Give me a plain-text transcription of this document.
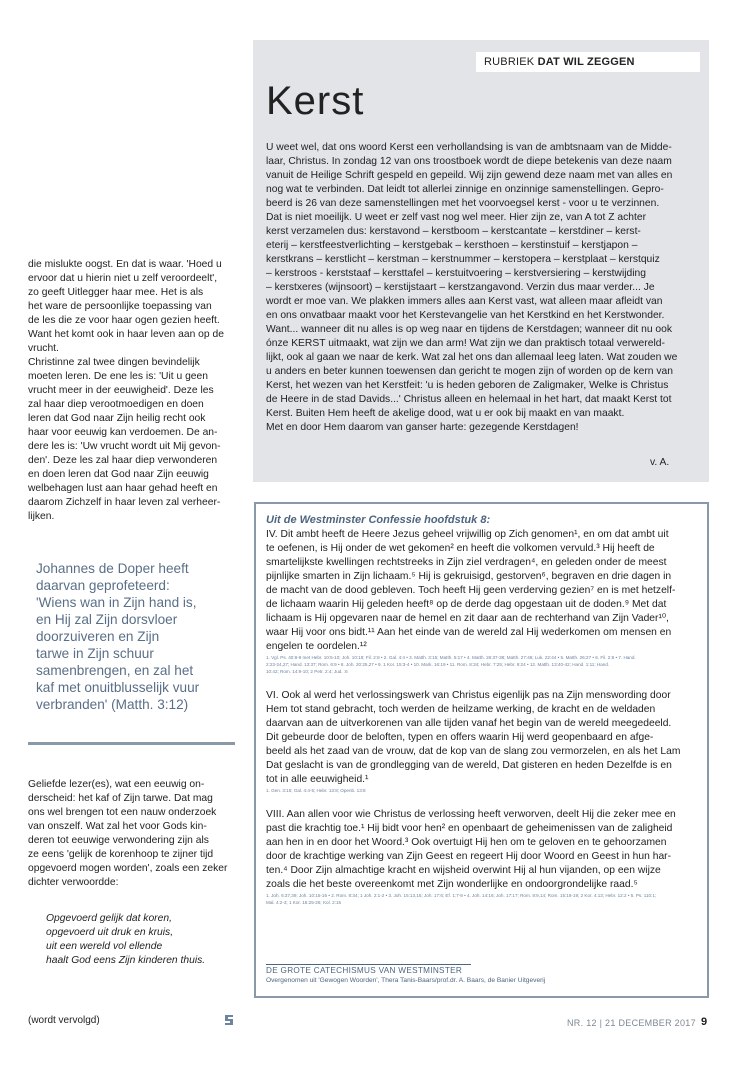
RUBRIEK DAT WIL ZEGGEN
Kerst

U weet wel, dat ons woord Kerst een verhollandsing is van de ambtsnaam van de Midde-

laar, Christus. In zondag 12 van ons troostboek wordt de diepe betekenis van deze naam

vanuit de Heilige Schrift gespeld en gepeild. Wij zijn gewend deze naam met van alles en

nog wat te verbinden. Dat leidt tot allerlei zinnige en onzinnige samenstellingen. Gepro-

beerd is 26 van deze samenstellingen met het voorvoegsel kerst - voor u te verzinnen.

Dat is niet moeilijk. U weet er zelf vast nog wel meer. Hier zijn ze, van A tot Z achter

kerst verzamelen dus: kerstavond – kerstboom – kerstcantate – kerstdiner – kerst-

eterij – kerstfeestverlichting – kerstgebak – kersthoen – kerstinstuif – kerstjapon –

kerstkrans – kerstlicht – kerstman – kerstnummer – kerstopera – kerstplaat – kerstquiz

– kerstroos - kerststaaf – kersttafel – kerstuitvoering – kerstversiering – kerstwijding

– kerstxeres (wijnsoort) – kerstijstaart – kerstzangavond. Verzin dus maar verder... Je

wordt er moe van. We plakken immers alles aan Kerst vast, wat alleen maar afleidt van

en ons onvatbaar maakt voor het Kerstevangelie van het Kerstkind en het Kerstwonder.

Want... wanneer dit nu alles is op weg naar en tijdens de Kerstdagen; wanneer dit nu ook

ónze KERST uitmaakt, wat zijn we dan arm! Wat zijn we dan praktisch totaal verwereld-

lijkt, ook al gaan we naar de kerk. Wat zal het ons dan allemaal leeg laten. Wat zouden we

u anders en beter kunnen toewensen dan gericht te mogen zijn of worden op de kern van

Kerst, het wezen van het Kerstfeit: 'u is heden geboren de Zaligmaker, Welke is Christus

de Heere in de stad Davids...' Christus alleen en helemaal in het hart, dat maakt Kerst tot

Kerst. Buiten Hem heeft de akelige dood, wat u er ook bij maakt en van maakt.

Met en door Hem daarom van ganser harte: gezegende Kerstdagen!

v. A.

die mislukte oogst. En dat is waar. 'Hoed u

ervoor dat u hierin niet u zelf veroordeelt',

zo geeft Uitlegger haar mee. Het is als

het ware de persoonlijke toepassing van

de les die ze voor haar ogen gezien heeft.

Want het komt ook in haar leven aan op de

vrucht.

Christinne zal twee dingen bevindelijk

moeten leren. De ene les is: 'Uit u geen

vrucht meer in der eeuwigheid'. Deze les

zal haar diep verootmoedigen en doen

leren dat God naar Zijn heilig recht ook

haar voor eeuwig kan verdoemen. De an-

dere les is: 'Uw vrucht wordt uit Mij gevon-

den'. Deze les zal haar diep verwonderen

en doen leren dat God naar Zijn eeuwig

welbehagen lust aan haar gehad heeft en

daarom Zichzelf in haar leven zal verheer-

lijken.

Johannes de Doper heeft
daarvan geprofeteerd:
'Wiens wan in Zijn hand is,
en Hij zal Zijn dorsvloer
doorzuiveren en Zijn
tarwe in Zijn schuur
samenbrengen, en zal het
kaf met onuitblusselijk vuur
verbranden' (Matth. 3:12)

Geliefde lezer(es), wat een eeuwig on-

derscheid: het kaf of Zijn tarwe. Dat mag

ons wel brengen tot een nauw onderzoek

van onszelf. Wat zal het voor Gods kin-

deren tot eeuwige verwondering zijn als

ze eens 'gelijk de korenhoop te zijner tijd

opgevoerd mogen worden', zoals een zeker

dichter verwoordde:

Opgevoerd gelijk dat koren,
opgevoerd uit druk en kruis,
uit een wereld vol ellende
haalt God eens Zijn kinderen thuis.
(wordt vervolgd)
Uit de Westminster Confessie hoofdstuk 8:

IV. Dit ambt heeft de Heere Jezus geheel vrijwillig op Zich genomen¹, en om dat ambt uit

te oefenen, is Hij onder de wet gekomen² en heeft die volkomen vervuld.³ Hij heeft de

smartelijkste kwellingen rechtstreeks in Zijn ziel verdragen⁴, en geleden onder de meest

pijnlijke smarten in Zijn lichaam.⁵ Hij is gekruisigd, gestorven⁶, begraven en drie dagen in

de macht van de dood gebleven. Toch heeft Hij geen verderving gezien⁷ en is met hetzelf-

de lichaam waarin Hij geleden heeft⁸ op de derde dag opgestaan uit de doden.⁹ Met dat

lichaam is Hij opgevaren naar de hemel en zit daar aan de rechterhand van Zijn Vader¹⁰,

waar Hij voor ons bidt.¹¹ Aan het einde van de wereld zal Hij wederkomen om mensen en

engelen te oordelen.¹²

1. Vgl. Ps. 40:8-9 met Hebr. 10:5-10; Joh. 10:18; Fil. 2:8 • 2. Gal. 4:4 • 3. Matth. 3:15; Matth. 5:17 • 4. Matth. 26:37-38; Matth. 27:46; Luk. 22:44 • 5. Matth. 26:27 • 6. Fil. 2:8 • 7. Hand.
2:23-24,27; Hand. 13:37; Rom. 6:9 • 8. Joh. 20:25,27 • 9. 1 Kor. 15:3-4 • 10. Mark. 16:19 • 11. Rom. 8:34; Hebr. 7:25; Hebr. 9:24 • 12. Matth. 13:40-42; Hand. 1:11; Hand.
10:42; Rom. 14:9-10; 2 Petr. 2:4; Jud. :6

VI. Ook al werd het verlossingswerk van Christus eigenlijk pas na Zijn menswording door

Hem tot stand gebracht, toch werden de heilzame werking, de kracht en de weldaden

daarvan aan de uitverkorenen van alle tijden vanaf het begin van de wereld meegedeeld.

Dit gebeurde door de beloften, typen en offers waarin Hij werd geopenbaard en afge-

beeld als het zaad van de vrouw, dat de kop van de slang zou vermorzelen, en als het Lam

Dat geslacht is van de grondlegging van de wereld, Dat gisteren en heden Dezelfde is en

tot in alle eeuwigheid.¹

1. Gen. 3:15; Gal. 4:4-5; Hebr. 13:8; Openb. 13:8

VIII. Aan allen voor wie Christus de verlossing heeft verworven, deelt Hij die zeker mee en

past die krachtig toe.¹ Hij bidt voor hen² en openbaart de geheimenissen van de zaligheid

aan hen in en door het Woord.³ Ook overtuigt Hij hen om te geloven en te gehoorzamen

door de krachtige werking van Zijn Geest en regeert Hij door Woord en Geest in hun har-

ten.⁴ Door Zijn almachtige kracht en wijsheid overwint Hij al hun vijanden, op een wijze

zoals die het beste overeenkomt met Zijn wonderlijke en ondoorgrondelijke raad.⁵

1. Joh. 6:37,39; Joh. 10:15-16 • 2. Rom. 8:34; 1 Joh. 2:1-2 • 3. Joh. 15:13,15; Joh. 17:6; Ef. 1:7-9 • 4. Joh. 14:16; Joh. 17:17; Rom. 8:9,14; Rom. 15:18-19; 2 Kor. 4:13; Hebr. 12:2 • 5. Ps. 110:1;
Mal. 4:2-3; 1 Kor. 15:25-26; Kol. 2:15
DE GROTE CATECHISMUS VAN WESTMINSTER
Overgenomen uit 'Gewogen Woorden', Thera Tanis-Baars/prof.dr. A. Baars, de Banier Uitgeverij
NR. 12 | 21 DECEMBER 2017 9
